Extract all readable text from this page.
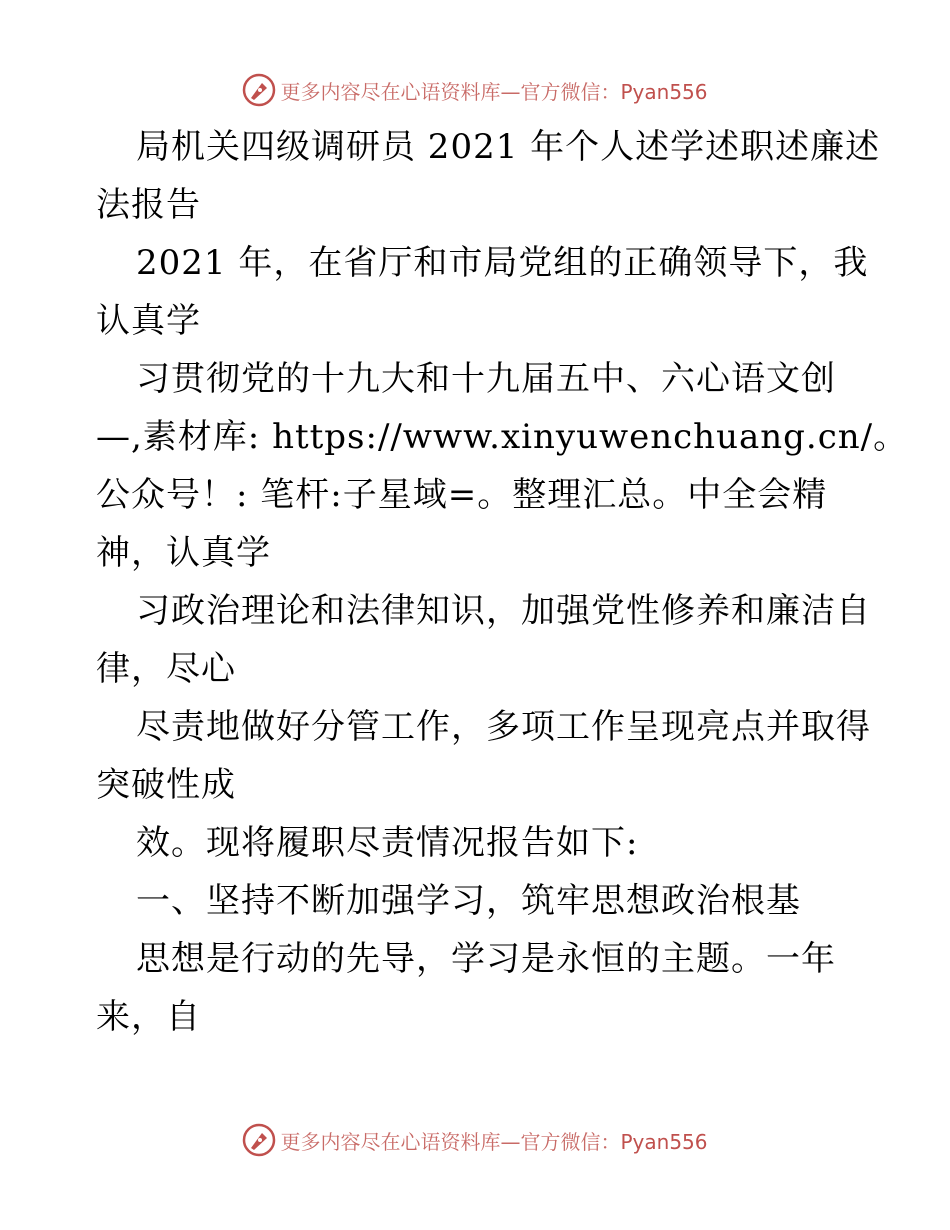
更多内容尽在心语资料库—官方微信：Pyan556
局机关四级调研员 2021 年个人述学述职述廉述
法报告
2021 年，在省厅和市局党组的正确领导下，我
认真学
习贯彻党的十九大和十九届五中、六心语文创
—,素材库: https://www.xinyuwenchuang.cn/。
公众号！: 笔杆:子星域=。整理汇总。中全会精
神，认真学
习政治理论和法律知识，加强党性修养和廉洁自
律，尽心
尽责地做好分管工作，多项工作呈现亮点并取得
突破性成
效。现将履职尽责情况报告如下:
一、坚持不断加强学习，筑牢思想政治根基
思想是行动的先导，学习是永恒的主题。一年
来，自
更多内容尽在心语资料库—官方微信：Pyan556
